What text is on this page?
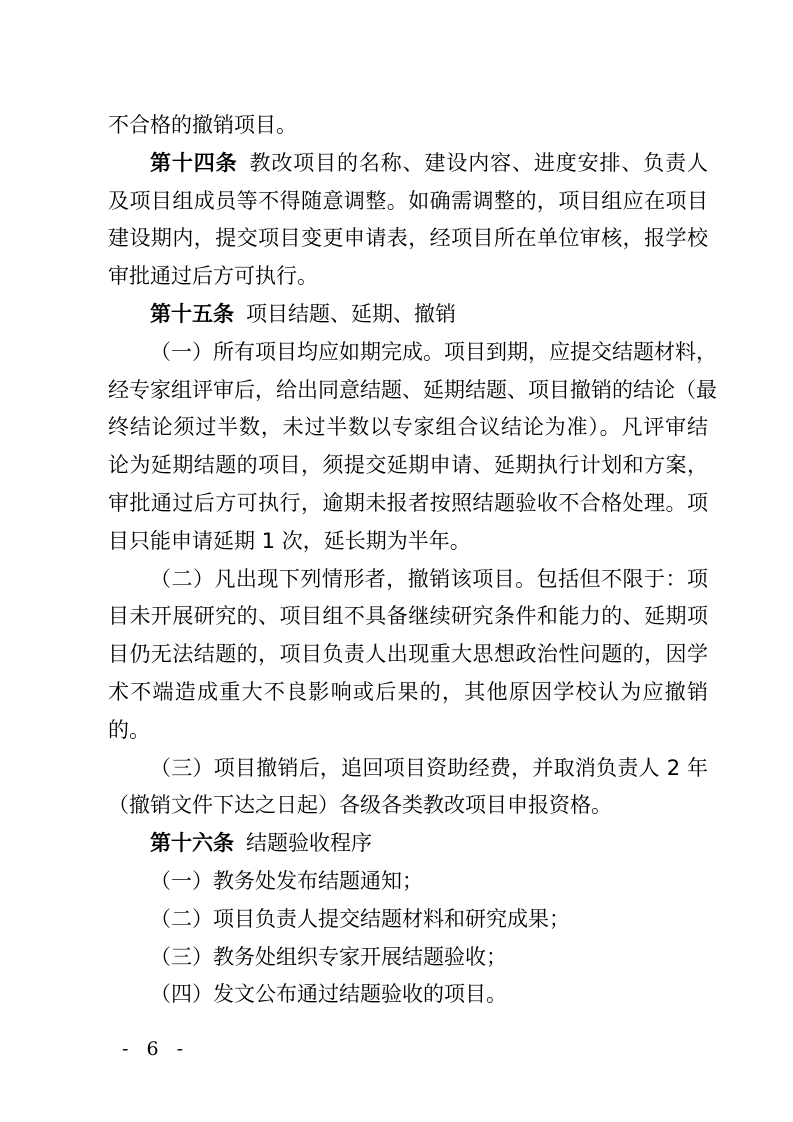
不合格的撤销项目。
第十四条 教改项目的名称、建设内容、进度安排、负责人
及项目组成员等不得随意调整。如确需调整的，项目组应在项目
建设期内，提交项目变更申请表，经项目所在单位审核，报学校
审批通过后方可执行。
第十五条 项目结题、延期、撤销
（一）所有项目均应如期完成。项目到期，应提交结题材料，
经专家组评审后，给出同意结题、延期结题、项目撤销的结论（最
终结论须过半数，未过半数以专家组合议结论为准）。凡评审结
论为延期结题的项目，须提交延期申请、延期执行计划和方案，
审批通过后方可执行，逾期未报者按照结题验收不合格处理。项
目只能申请延期 1 次，延长期为半年。
（二）凡出现下列情形者，撤销该项目。包括但不限于：项
目未开展研究的、项目组不具备继续研究条件和能力的、延期项
目仍无法结题的，项目负责人出现重大思想政治性问题的，因学
术不端造成重大不良影响或后果的，其他原因学校认为应撤销
的。
（三）项目撤销后，追回项目资助经费，并取消负责人 2 年
（撤销文件下达之日起）各级各类教改项目申报资格。
第十六条 结题验收程序
（一）教务处发布结题通知；
（二）项目负责人提交结题材料和研究成果；
（三）教务处组织专家开展结题验收；
（四）发文公布通过结题验收的项目。
- 6 -
